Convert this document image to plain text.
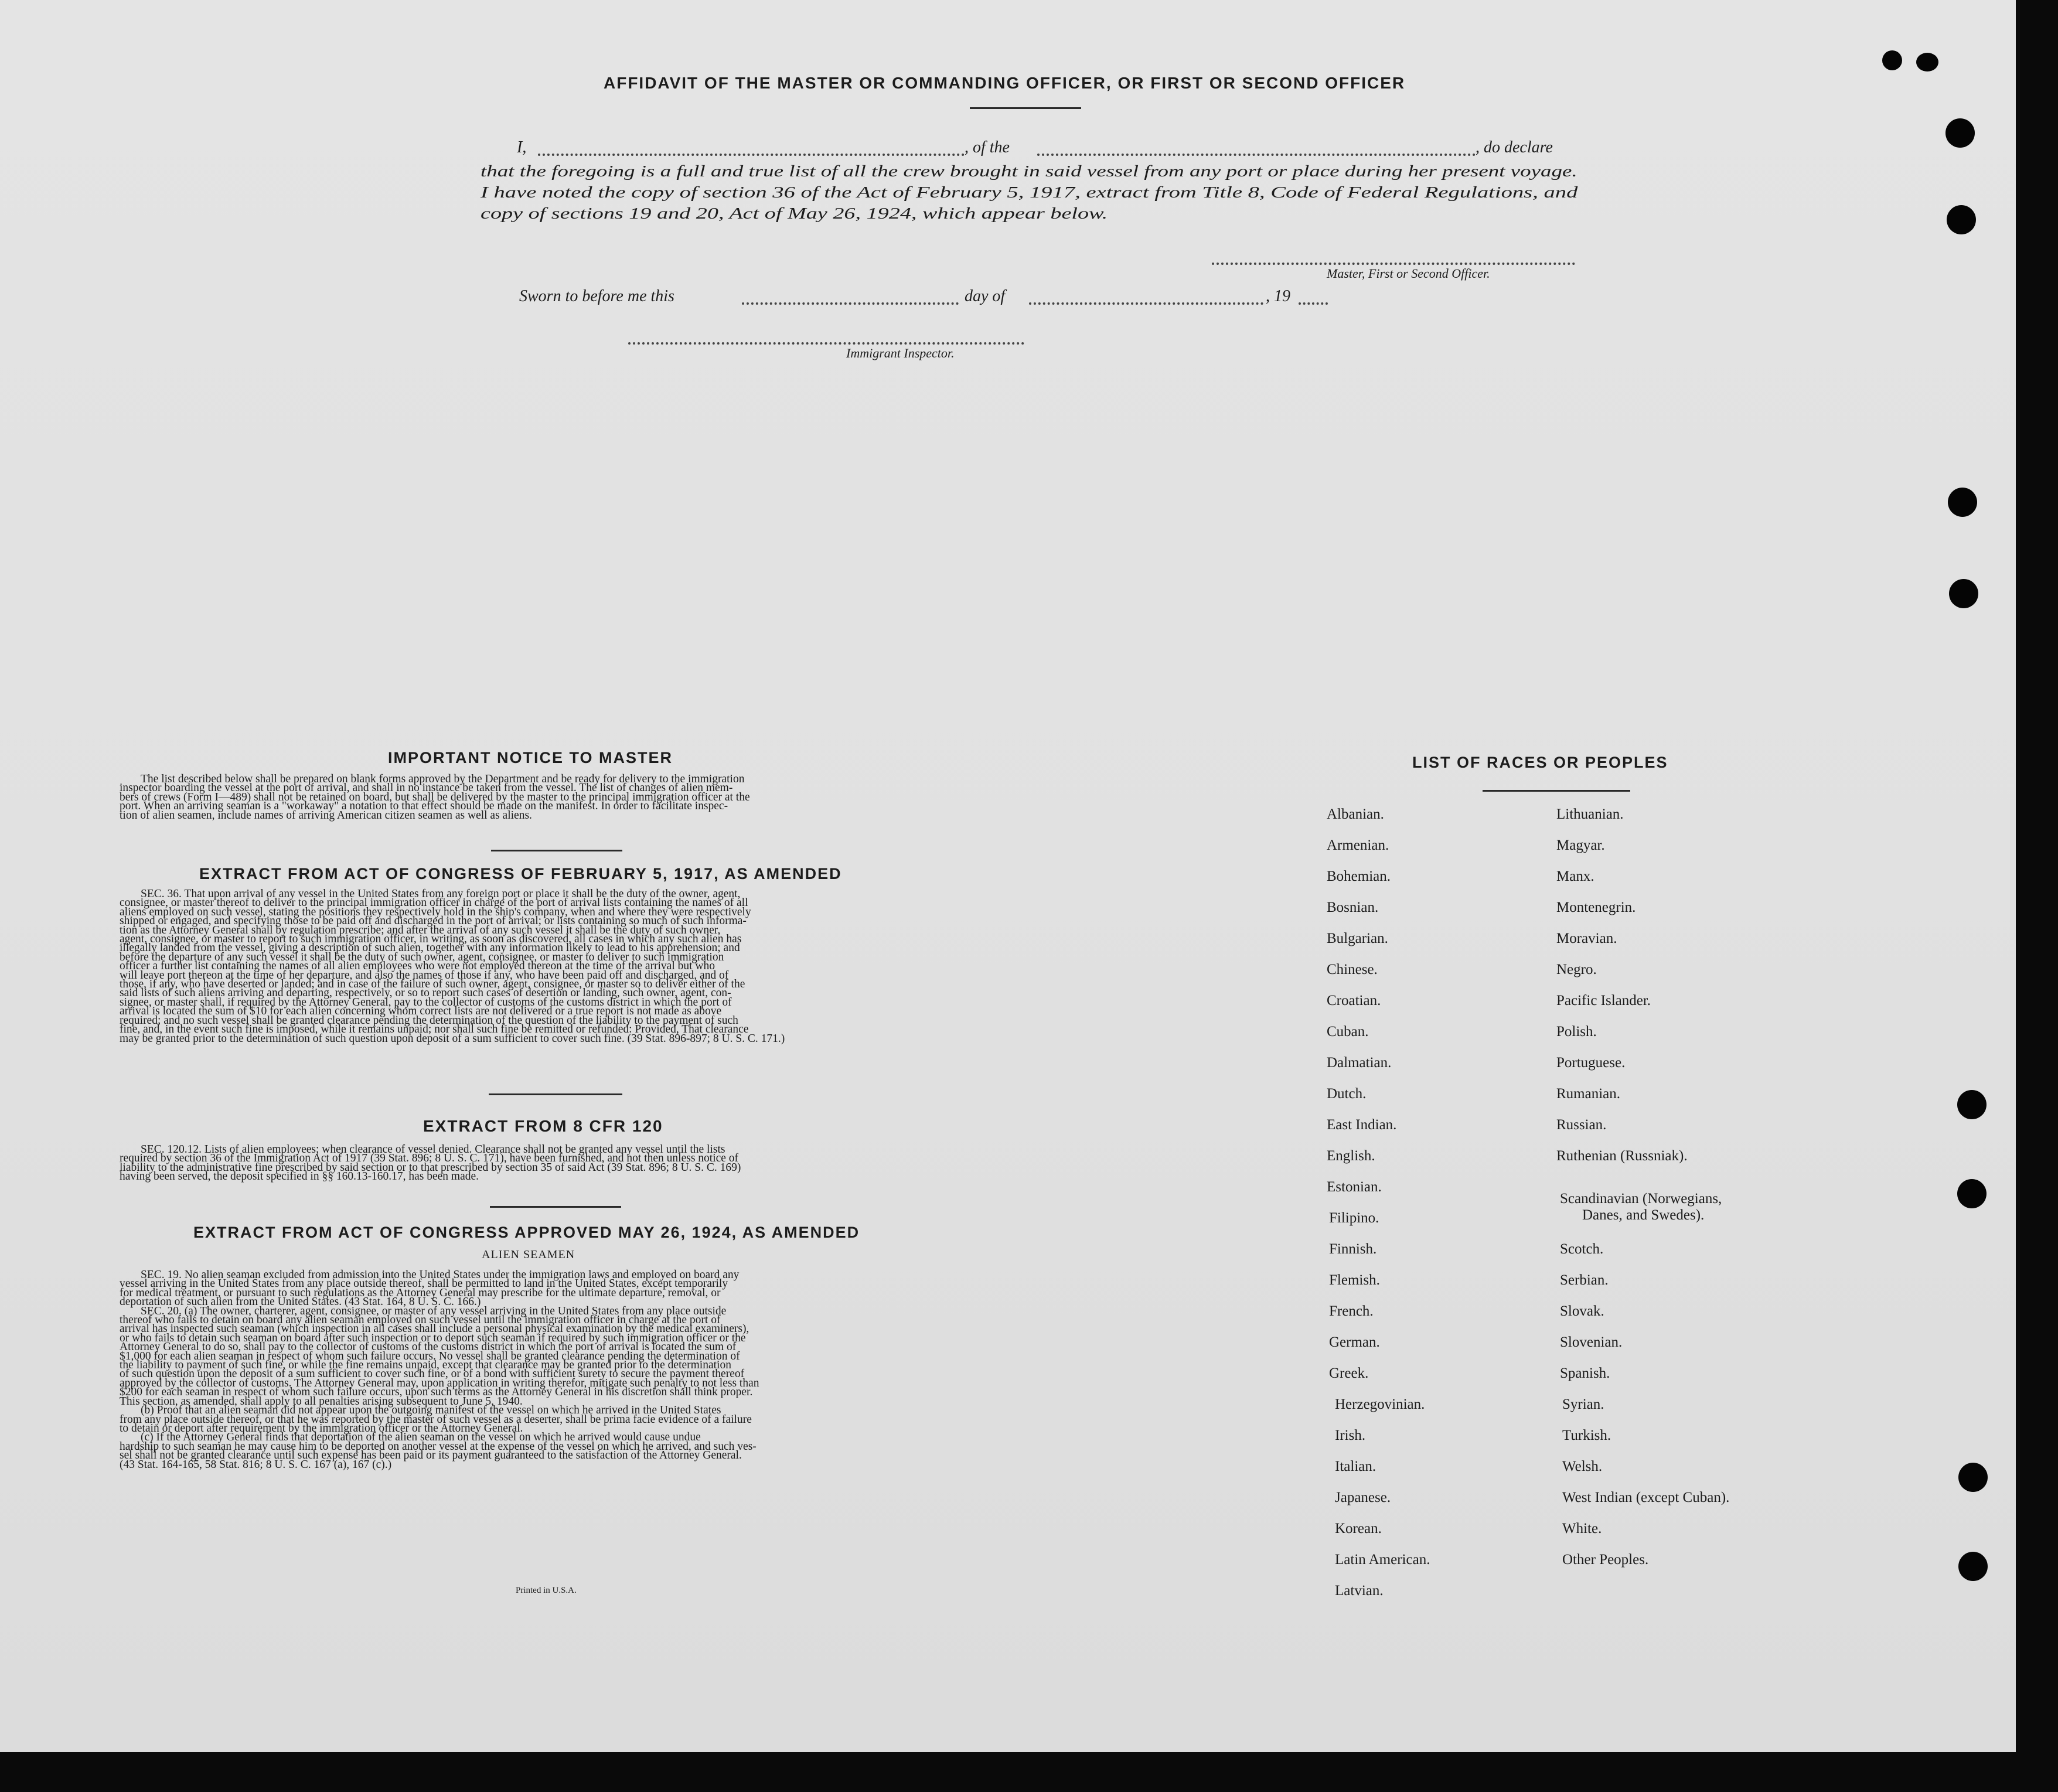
AFFIDAVIT OF THE MASTER OR COMMANDING OFFICER, OR FIRST OR SECOND OFFICER
I,	, of the	, do declare
that the foregoing is a full and true list of all the crew brought in said vessel from any port or place during her present voyage.
I have noted the copy of section 36 of the Act of February 5, 1917, extract from Title 8, Code of Federal Regulations, and
copy of sections 19 and 20, Act of May 26, 1924, which appear below.
Master, First or Second Officer.
Sworn to before me this	day of	, 19
Immigrant Inspector.
IMPORTANT NOTICE TO MASTER
The list described below shall be prepared on blank forms approved by the Department and be ready for delivery to the immigration
inspector boarding the vessel at the port of arrival, and shall in no instance be taken from the vessel. The list of changes of alien mem-
bers of crews (Form I—489) shall not be retained on board, but shall be delivered by the master to the principal immigration officer at the
port. When an arriving seaman is a "workaway" a notation to that effect should be made on the manifest. In order to facilitate inspec-
tion of alien seamen, include names of arriving American citizen seamen as well as aliens.
EXTRACT FROM ACT OF CONGRESS OF FEBRUARY 5, 1917, AS AMENDED
SEC. 36. That upon arrival of any vessel in the United States from any foreign port or place it shall be the duty of the owner, agent,
consignee, or master thereof to deliver to the principal immigration officer in charge of the port of arrival lists containing the names of all
aliens employed on such vessel, stating the positions they respectively hold in the ship's company, when and where they were respectively
shipped or engaged, and specifying those to be paid off and discharged in the port of arrival; or lists containing so much of such informa-
tion as the Attorney General shall by regulation prescribe; and after the arrival of any such vessel it shall be the duty of such owner,
agent, consignee, or master to report to such immigration officer, in writing, as soon as discovered, all cases in which any such alien has
illegally landed from the vessel, giving a description of such alien, together with any information likely to lead to his apprehension; and
before the departure of any such vessel it shall be the duty of such owner, agent, consignee, or master to deliver to such immigration
officer a further list containing the names of all alien employees who were not employed thereon at the time of the arrival but who
will leave port thereon at the time of her departure, and also the names of those if any, who have been paid off and discharged, and of
those, if any, who have deserted or landed; and in case of the failure of such owner, agent, consignee, or master so to deliver either of the
said lists of such aliens arriving and departing, respectively, or so to report such cases of desertion or landing, such owner, agent, con-
signee, or master shall, if required by the Attorney General, pay to the collector of customs of the customs district in which the port of
arrival is located the sum of $10 for each alien concerning whom correct lists are not delivered or a true report is not made as above
required; and no such vessel shall be granted clearance pending the determination of the question of the liability to the payment of such
fine, and, in the event such fine is imposed, while it remains unpaid; nor shall such fine be remitted or refunded: Provided, That clearance
may be granted prior to the determination of such question upon deposit of a sum sufficient to cover such fine. (39 Stat. 896-897; 8 U. S. C. 171.)
EXTRACT FROM 8 CFR 120
SEC. 120.12. Lists of alien employees; when clearance of vessel denied. Clearance shall not be granted any vessel until the lists
required by section 36 of the Immigration Act of 1917 (39 Stat. 896; 8 U. S. C. 171), have been furnished, and not then unless notice of
liability to the administrative fine prescribed by said section or to that prescribed by section 35 of said Act (39 Stat. 896; 8 U. S. C. 169)
having been served, the deposit specified in §§ 160.13-160.17, has been made.
EXTRACT FROM ACT OF CONGRESS APPROVED MAY 26, 1924, AS AMENDED
ALIEN SEAMEN
SEC. 19. No alien seaman excluded from admission into the United States under the immigration laws and employed on board any
vessel arriving in the United States from any place outside thereof, shall be permitted to land in the United States, except temporarily
for medical treatment, or pursuant to such regulations as the Attorney General may prescribe for the ultimate departure, removal, or
deportation of such alien from the United States. (43 Stat. 164, 8 U. S. C. 166.)
SEC. 20. (a) The owner, charterer, agent, consignee, or master of any vessel arriving in the United States from any place outside
thereof who fails to detain on board any alien seaman employed on such vessel until the immigration officer in charge at the port of
arrival has inspected such seaman (which inspection in all cases shall include a personal physical examination by the medical examiners),
or who fails to detain such seaman on board after such inspection or to deport such seaman if required by such immigration officer or the
Attorney General to do so, shall pay to the collector of customs of the customs district in which the port of arrival is located the sum of
$1,000 for each alien seaman in respect of whom such failure occurs. No vessel shall be granted clearance pending the determination of
the liability to payment of such fine, or while the fine remains unpaid, except that clearance may be granted prior to the determination
of such question upon the deposit of a sum sufficient to cover such fine, or of a bond with sufficient surety to secure the payment thereof
approved by the collector of customs. The Attorney General may, upon application in writing therefor, mitigate such penalty to not less than
$200 for each seaman in respect of whom such failure occurs, upon such terms as the Attorney General in his discretion shall think proper.
This section, as amended, shall apply to all penalties arising subsequent to June 5, 1940.
(b) Proof that an alien seaman did not appear upon the outgoing manifest of the vessel on which he arrived in the United States
from any place outside thereof, or that he was reported by the master of such vessel as a deserter, shall be prima facie evidence of a failure
to detain or deport after requirement by the immigration officer or the Attorney General.
(c) If the Attorney General finds that deportation of the alien seaman on the vessel on which he arrived would cause undue
hardship to such seaman he may cause him to be deported on another vessel at the expense of the vessel on which he arrived, and such ves-
sel shall not be granted clearance until such expense has been paid or its payment guaranteed to the satisfaction of the Attorney General.
(43 Stat. 164-165, 58 Stat. 816; 8 U. S. C. 167 (a), 167 (c).)
Printed in U.S.A.
LIST OF RACES OR PEOPLES
Albanian.
Armenian.
Bohemian.
Bosnian.
Bulgarian.
Chinese.
Croatian.
Cuban.
Dalmatian.
Dutch.
East Indian.
English.
Estonian.
Filipino.
Finnish.
Flemish.
French.
German.
Greek.
Herzegovinian.
Irish.
Italian.
Japanese.
Korean.
Latin American.
Latvian.
Lithuanian.
Magyar.
Manx.
Montenegrin.
Moravian.
Negro.
Pacific Islander.
Polish.
Portuguese.
Rumanian.
Russian.
Ruthenian (Russniak).
Scandinavian (Norwegians,
Danes, and Swedes).
Scotch.
Serbian.
Slovak.
Slovenian.
Spanish.
Syrian.
Turkish.
Welsh.
West Indian (except Cuban).
White.
Other Peoples.
